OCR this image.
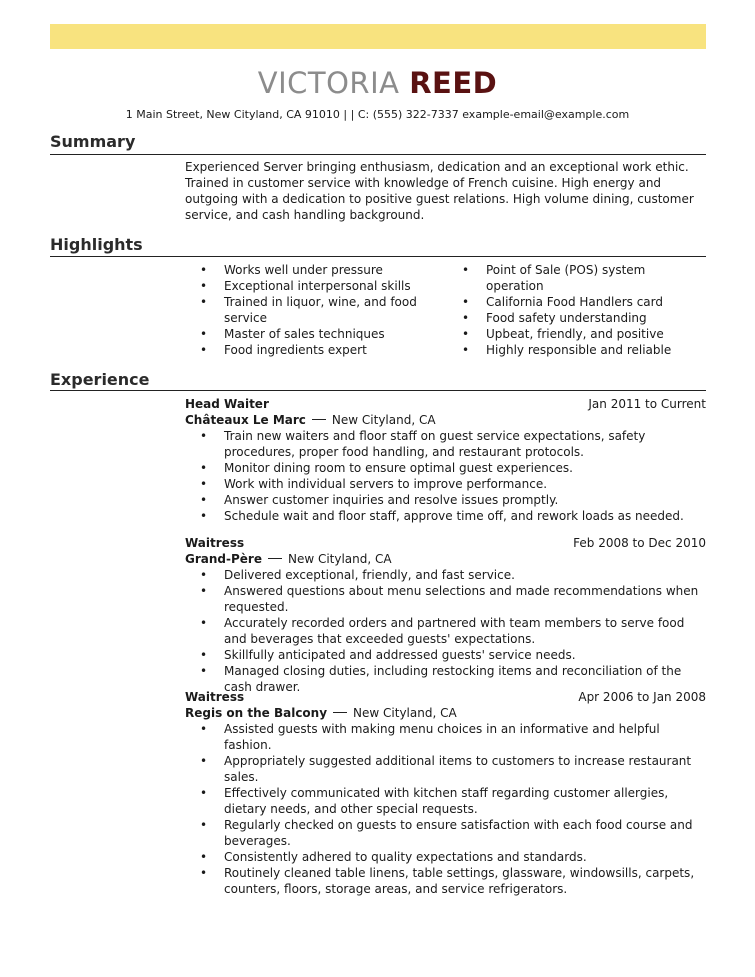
VICTORIA REED
1 Main Street, New Cityland, CA 91010 | | C: (555) 322-7337 example-email@example.com
Summary
Experienced Server bringing enthusiasm, dedication and an exceptional work ethic. Trained in customer service with knowledge of French cuisine. High energy and outgoing with a dedication to positive guest relations. High volume dining, customer service, and cash handling background.
Highlights
• Works well under pressure
• Exceptional interpersonal skills
• Trained in liquor, wine, and food service
• Master of sales techniques
• Food ingredients expert
• Point of Sale (POS) system operation
• California Food Handlers card
• Food safety understanding
• Upbeat, friendly, and positive
• Highly responsible and reliable
Experience
Head Waiter	Jan 2011 to Current
Châteaux Le Marc New Cityland, CA
• Train new waiters and floor staff on guest service expectations, safety procedures, proper food handling, and restaurant protocols.
• Monitor dining room to ensure optimal guest experiences.
• Work with individual servers to improve performance.
• Answer customer inquiries and resolve issues promptly.
• Schedule wait and floor staff, approve time off, and rework loads as needed.
Waitress	Feb 2008 to Dec 2010
Grand-Père New Cityland, CA
• Delivered exceptional, friendly, and fast service.
• Answered questions about menu selections and made recommendations when requested.
• Accurately recorded orders and partnered with team members to serve food and beverages that exceeded guests' expectations.
• Skillfully anticipated and addressed guests' service needs.
• Managed closing duties, including restocking items and reconciliation of the cash drawer.
Waitress	Apr 2006 to Jan 2008
Regis on the Balcony New Cityland, CA
• Assisted guests with making menu choices in an informative and helpful fashion.
• Appropriately suggested additional items to customers to increase restaurant sales.
• Effectively communicated with kitchen staff regarding customer allergies, dietary needs, and other special requests.
• Regularly checked on guests to ensure satisfaction with each food course and beverages.
• Consistently adhered to quality expectations and standards.
• Routinely cleaned table linens, table settings, glassware, windowsills, carpets, counters, floors, storage areas, and service refrigerators.
